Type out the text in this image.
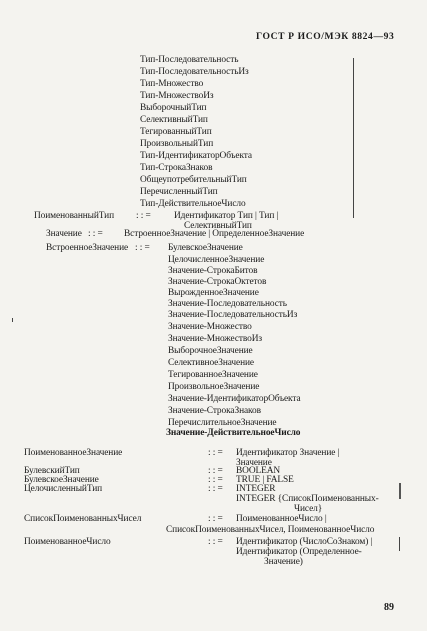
ГОСТ Р ИСО/МЭК 8824—93
Тип-Последовательность
Тип-ПоследовательностьИз
Тип-Множество
Тип-МножествоИз
ВыборочныйТип
СелективныйТип
ТегированныйТип
ПроизвольныйТип
Тип-ИдентификаторОбъекта
Тип-СтрокаЗнаков
ОбщеупотребительныйТип
ПеречисленныйТип
Тип-ДействительноеЧисло
ПоименованныйТип : : = Идентификатор Тип | Тип |
СелективныйТип
Значение : : = ВстроенноеЗначение | ОпределенноеЗначение
ВстроенноеЗначение : : = БулевскоеЗначение
ЦелочисленноеЗначение
Значение-СтрокаБитов
Значение-СтрокаОктетов
ВырожденноеЗначение
Значение-Последовательность
Значение-ПоследовательностьИз
Значение-Множество
Значение-МножествоИз
ВыборочноеЗначение
СелективноеЗначение
ТегированноеЗначение
ПроизвольноеЗначение
Значение-ИдентификаторОбъекта
Значение-СтрокаЗнаков
ПеречислительноеЗначение
Значение-ДействительноеЧисло
ПоименованноеЗначение	: : = Идентификатор Значение |
Значение
БулевскийТип	: : = BOOLEAN
БулевскоеЗначение	: : = TRUE | FALSE
ЦелочисленныйТип	: : = INTEGER
INTEGER {СписокПоименованных-
Чисел}
СписокПоименованныхЧисел	: : = ПоименованноеЧисло |
СписокПоименованныхЧисел, ПоименованноеЧисло
ПоименованноеЧисло	: : = Идентификатор (ЧислоСоЗнаком) |
Идентификатор (Определенное-
Значение)
89
